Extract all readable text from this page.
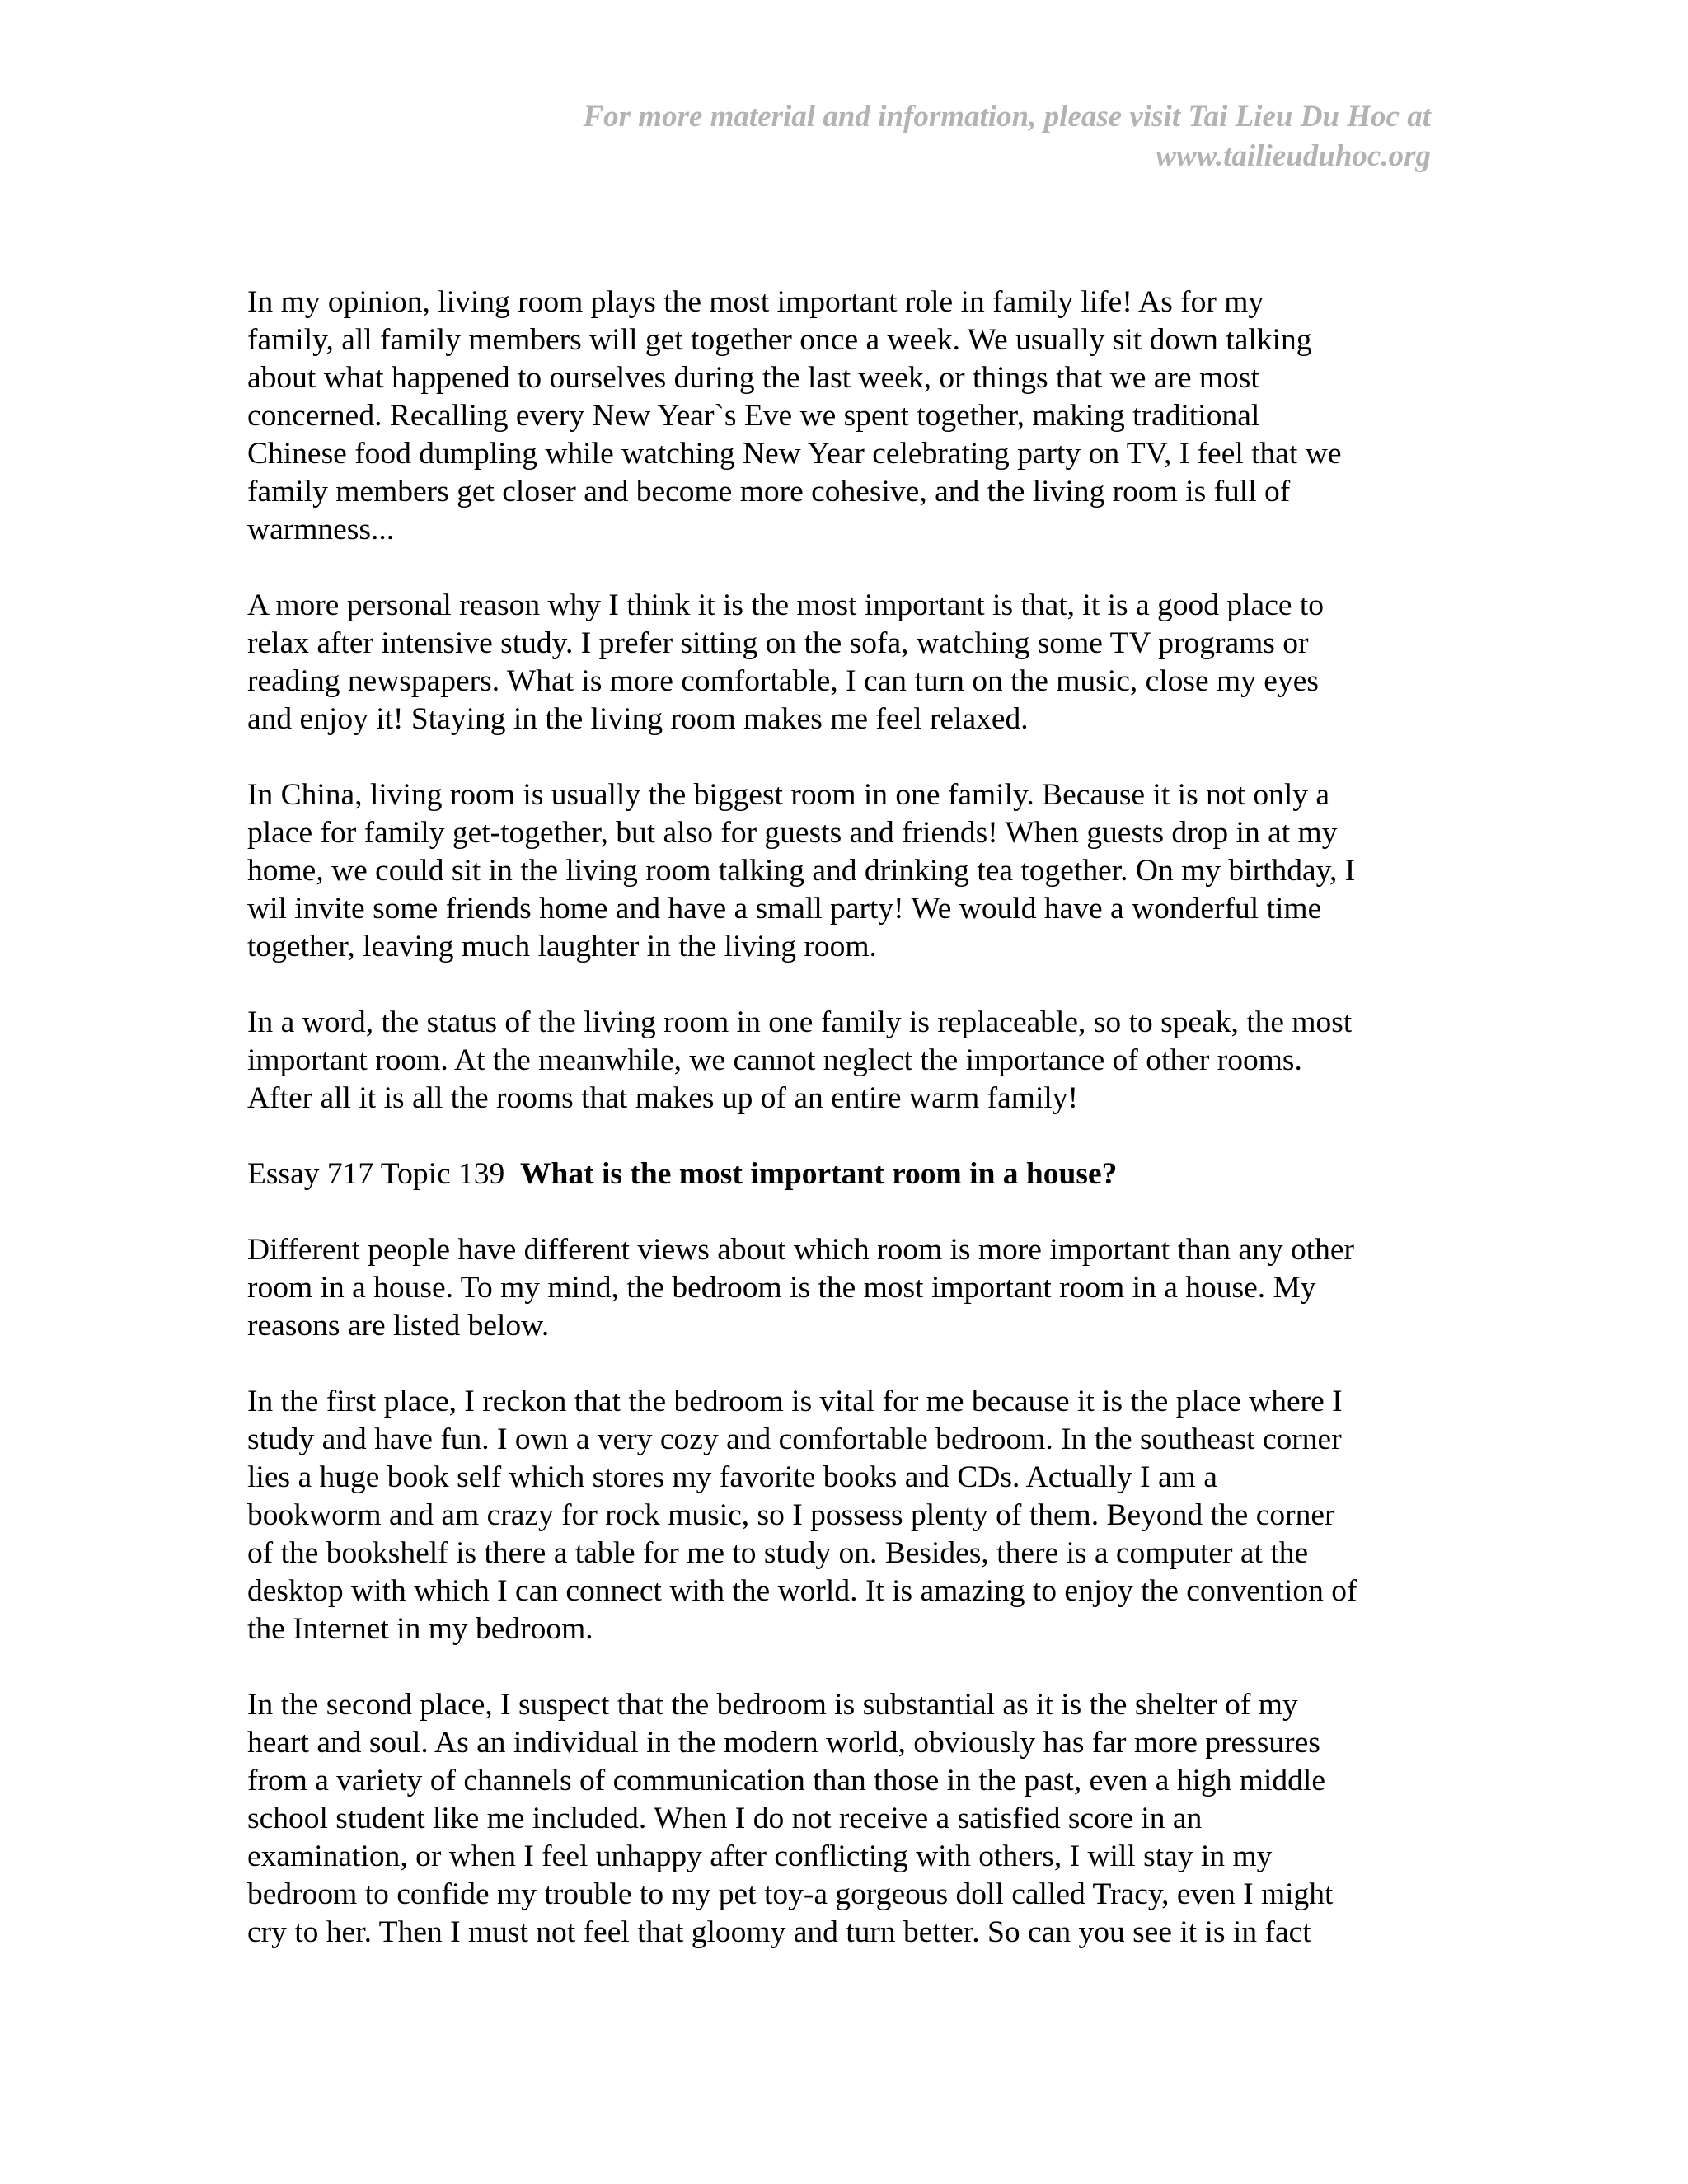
For more material and information, please visit Tai Lieu Du Hoc at
www.tailieuduhoc.org
In my opinion, living room plays the most important role in family life! As for my
family, all family members will get together once a week. We usually sit down talking
about what happened to ourselves during the last week, or things that we are most
concerned. Recalling every New Year`s Eve we spent together, making traditional
Chinese food dumpling while watching New Year celebrating party on TV, I feel that we
family members get closer and become more cohesive, and the living room is full of
warmness...
A more personal reason why I think it is the most important is that, it is a good place to
relax after intensive study. I prefer sitting on the sofa, watching some TV programs or
reading newspapers. What is more comfortable, I can turn on the music, close my eyes
and enjoy it! Staying in the living room makes me feel relaxed.
In China, living room is usually the biggest room in one family. Because it is not only a
place for family get-together, but also for guests and friends! When guests drop in at my
home, we could sit in the living room talking and drinking tea together. On my birthday, I
wil invite some friends home and have a small party! We would have a wonderful time
together, leaving much laughter in the living room.
In a word, the status of the living room in one family is replaceable, so to speak, the most
important room. At the meanwhile, we cannot neglect the importance of other rooms.
After all it is all the rooms that makes up of an entire warm family!
Essay 717 Topic 139 What is the most important room in a house?
Different people have different views about which room is more important than any other
room in a house. To my mind, the bedroom is the most important room in a house. My
reasons are listed below.
In the first place, I reckon that the bedroom is vital for me because it is the place where I
study and have fun. I own a very cozy and comfortable bedroom. In the southeast corner
lies a huge book self which stores my favorite books and CDs. Actually I am a
bookworm and am crazy for rock music, so I possess plenty of them. Beyond the corner
of the bookshelf is there a table for me to study on. Besides, there is a computer at the
desktop with which I can connect with the world. It is amazing to enjoy the convention of
the Internet in my bedroom.
In the second place, I suspect that the bedroom is substantial as it is the shelter of my
heart and soul. As an individual in the modern world, obviously has far more pressures
from a variety of channels of communication than those in the past, even a high middle
school student like me included. When I do not receive a satisfied score in an
examination, or when I feel unhappy after conflicting with others, I will stay in my
bedroom to confide my trouble to my pet toy-a gorgeous doll called Tracy, even I might
cry to her. Then I must not feel that gloomy and turn better. So can you see it is in fact
